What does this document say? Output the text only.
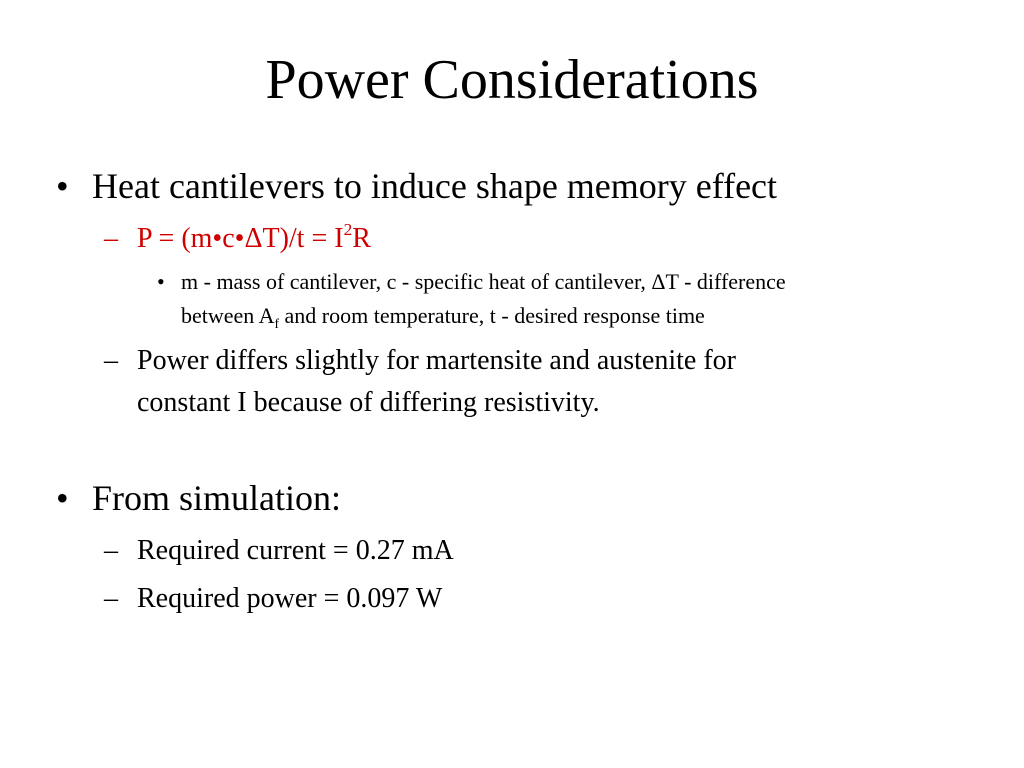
Power Considerations
• Heat cantilevers to induce shape memory effect
– P = (m•c•ΔT)/t = $I^2R$
• m - mass of cantilever, c - specific heat of cantilever, ΔT - difference
between $A_f$ and room temperature, t - desired response time
– Power differs slightly for martensite and austenite for
constant I because of differing resistivity.
• From simulation:
– Required current = 0.27 mA
– Required power = 0.097 W
